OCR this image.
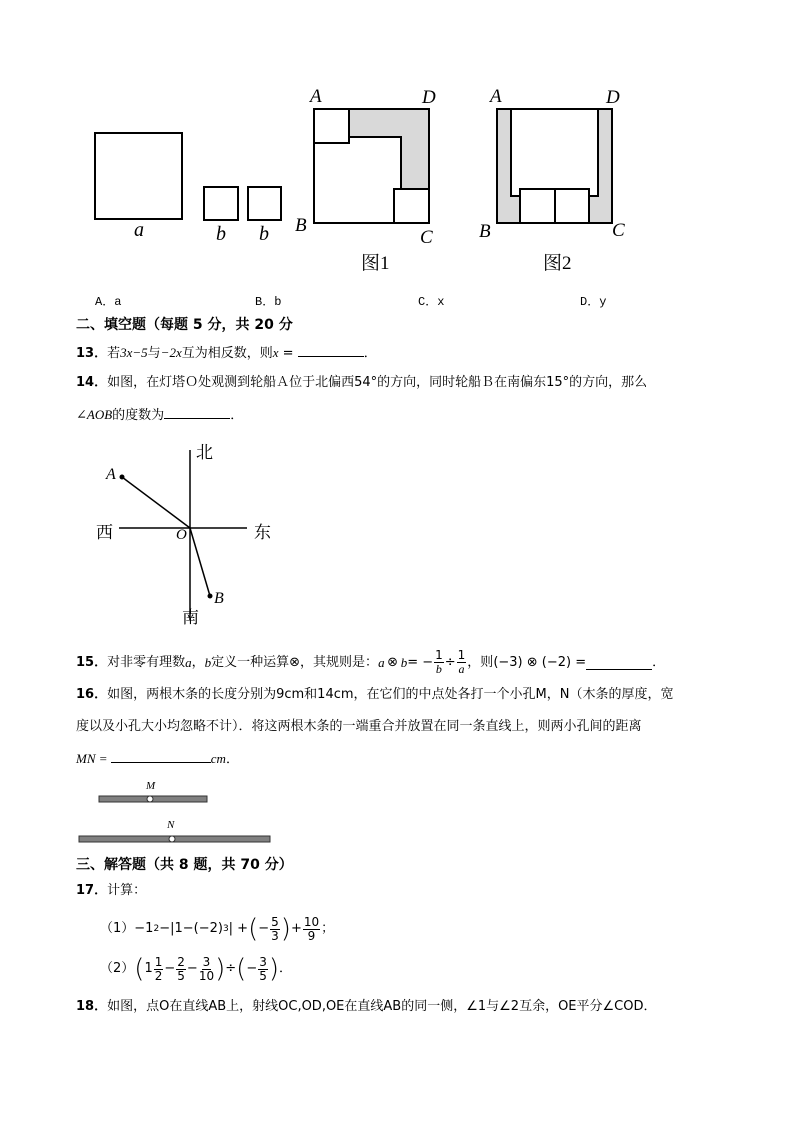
a	b b
A	D
B
C
图1
A	D
B	C
图2
A．a	B．b	C．x	D．y
二、填空题（每题 5 分，共 20 分
13．若3x−5与−2x互为相反数，则x =	．
14．如图，在灯塔Ｏ处观测到轮船Ａ位于北偏西54°的方向，同时轮船Ｂ在南偏东15°的方向，那么
∠AOB的度数为	．
北
西	东
南
O
A
B
15． 对非零有理数 a ， b 定义一种运算 ⊗ ，其规则是： a
  ⊗
  b = − $\frac{1}{b} \div \frac{1}{a}$ ，则 (−3) ⊗ (−2) =	．
16．如图，两根木条的长度分别为9cm和14cm，在它们的中点处各打一个小孔M，N（木条的厚度，宽
度以及小孔大小均忽略不计）．将这两根木条的一端重合并放置在同一条直线上，则两小孔间的距离
MN =	cm．
M
N
三、解答题（共 8 题，共 70 分）
17．计算：
（1） −1 2 −|1−(−2) 3 | + ( − $\frac{5}{3}$ ) + $\frac{10}{9}$ ；
（2） ( $1 \frac{1}{2} - \frac{2}{5} - \frac{3}{10}$ ) ÷ ( − $\frac{3}{5}$ ) ．
18．如图，点O在直线AB上，射线OC,OD,OE在直线AB的同一侧，∠1与∠2互余，OE平分∠COD．
